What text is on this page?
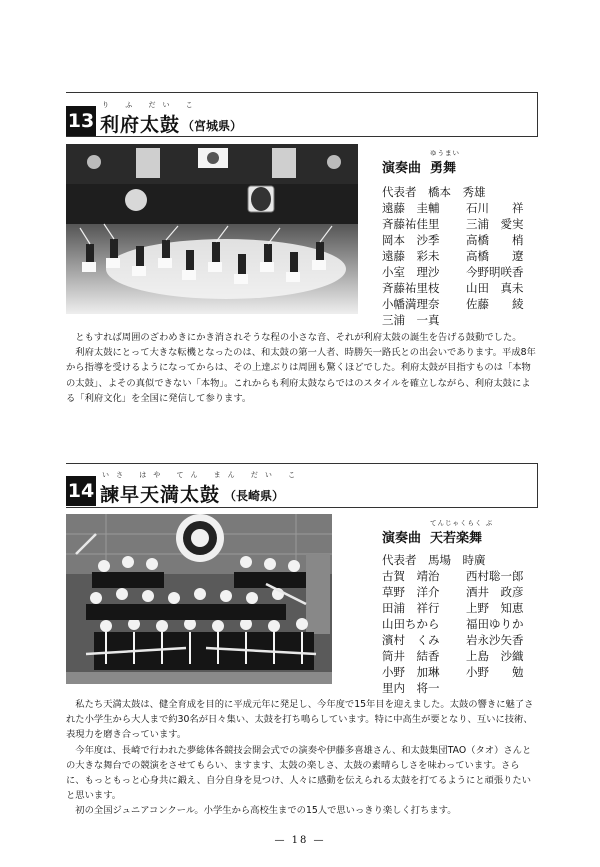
13
り ふ だい こ
利府太鼓 （宮城県）
ゆうまい
演奏曲 勇舞
代表者　橋本　秀雄
遠藤　圭輔 石川　　祥
斉藤祐佳里 三浦　愛実
岡本　沙季 高橋　　梢
遠藤　彩未 高橋　　遼
小室　理沙 今野明咲香
斉藤祐里枝 山田　真未
小幡満理奈 佐藤　　綾
三浦　一真

ともすれば周囲のざわめきにかき消されそうな程の小さな音、それが利府太鼓の誕生を告げる鼓動でした。

利府太鼓にとって大きな転機となったのは、和太鼓の第一人者、時勝矢一路氏との出会いであります。平成8年から指導を受けるようになってからは、その上達ぶりは周囲も驚くほどでした。利府太鼓が目指すものは「本物の太鼓」、よその真似できない「本物」。これからも利府太鼓ならではのスタイルを確立しながら、利府太鼓による「利府文化」を全国に発信して参ります。

14
いさ はや てん まん だい こ
諫早天満太鼓 （長崎県）
てんじゃくらく ぶ
演奏曲 天若楽舞
代表者　馬場　時廣
古賀　靖治 西村聡一郎
草野　洋介 酒井　政彦
田浦　祥行 上野　知恵
山田ちから 福田ゆりか
濱村　くみ 岩永沙矢香
筒井　結香 上島　沙織
小野　加琳 小野　　勉
里内　将一

私たち天満太鼓は、健全育成を目的に平成元年に発足し、今年度で15年目を迎えました。太鼓の響きに魅了された小学生から大人まで約30名が日々集い、太鼓を打ち鳴らしています。特に中高生が要となり、互いに技術、表現力を磨き合っています。

今年度は、長崎で行われた夢総体各競技会開会式での演奏や伊藤多喜雄さん、和太鼓集団TAO（タオ）さんとの大きな舞台での競演をさせてもらい、ますます、太鼓の楽しさ、太鼓の素晴らしさを味わっています。さらに、もっともっと心身共に鍛え、自分自身を見つけ、人々に感動を伝えられる太鼓を打てるようにと頑張りたいと思います。

初の全国ジュニアコンクール。小学生から高校生までの15人で思いっきり楽しく打ちます。

— 18 —
